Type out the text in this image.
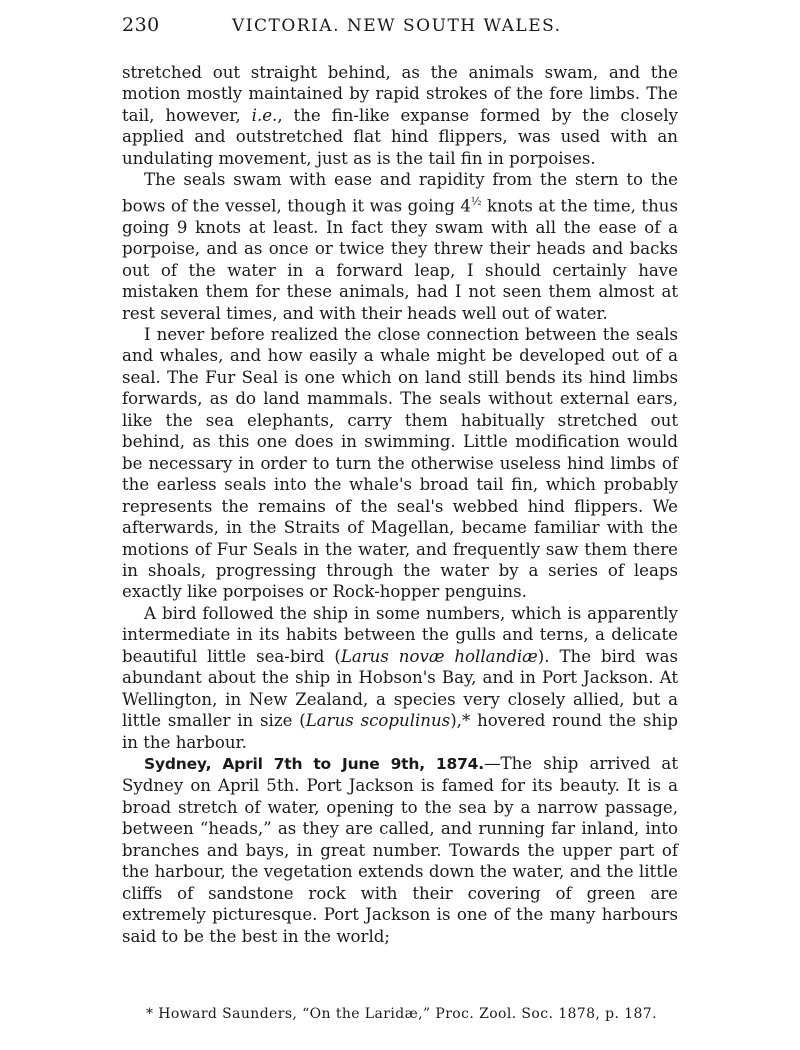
230	VICTORIA. NEW SOUTH WALES.

stretched out straight behind, as the animals swam, and the motion mostly maintained by rapid strokes of the fore limbs. The tail, however, i.e., the fin-like expanse formed by the closely applied and outstretched flat hind flippers, was used with an undulating movement, just as is the tail fin in porpoises.

The seals swam with ease and rapidity from the stern to the bows of the vessel, though it was going $4^{\frac{1}{2}}$ knots at the time, thus going 9 knots at least. In fact they swam with all the ease of a porpoise, and as once or twice they threw their heads and backs out of the water in a forward leap, I should certainly have mistaken them for these animals, had I not seen them almost at rest several times, and with their heads well out of water.

I never before realized the close connection between the seals and whales, and how easily a whale might be developed out of a seal. The Fur Seal is one which on land still bends its hind limbs forwards, as do land mammals. The seals without external ears, like the sea elephants, carry them habitually stretched out behind, as this one does in swimming. Little modification would be necessary in order to turn the otherwise useless hind limbs of the earless seals into the whale's broad tail fin, which probably represents the remains of the seal's webbed hind flippers. We afterwards, in the Straits of Magellan, became familiar with the motions of Fur Seals in the water, and frequently saw them there in shoals, progressing through the water by a series of leaps exactly like porpoises or Rock-hopper penguins.

A bird followed the ship in some numbers, which is apparently intermediate in its habits between the gulls and terns, a delicate beautiful little sea-bird (Larus novæ hollandiæ). The bird was abundant about the ship in Hobson's Bay, and in Port Jackson. At Wellington, in New Zealand, a species very closely allied, but a little smaller in size (Larus scopulinus),* hovered round the ship in the harbour.

Sydney, April 7th to June 9th, 1874.—The ship arrived at Sydney on April 5th. Port Jackson is famed for its beauty. It is a broad stretch of water, opening to the sea by a narrow passage, between “heads,” as they are called, and running far inland, into branches and bays, in great number. Towards the upper part of the harbour, the vegetation extends down the water, and the little cliffs of sandstone rock with their covering of green are extremely picturesque. Port Jackson is one of the many harbours said to be the best in the world;

* Howard Saunders, “On the Laridæ,” Proc. Zool. Soc. 1878, p. 187.
